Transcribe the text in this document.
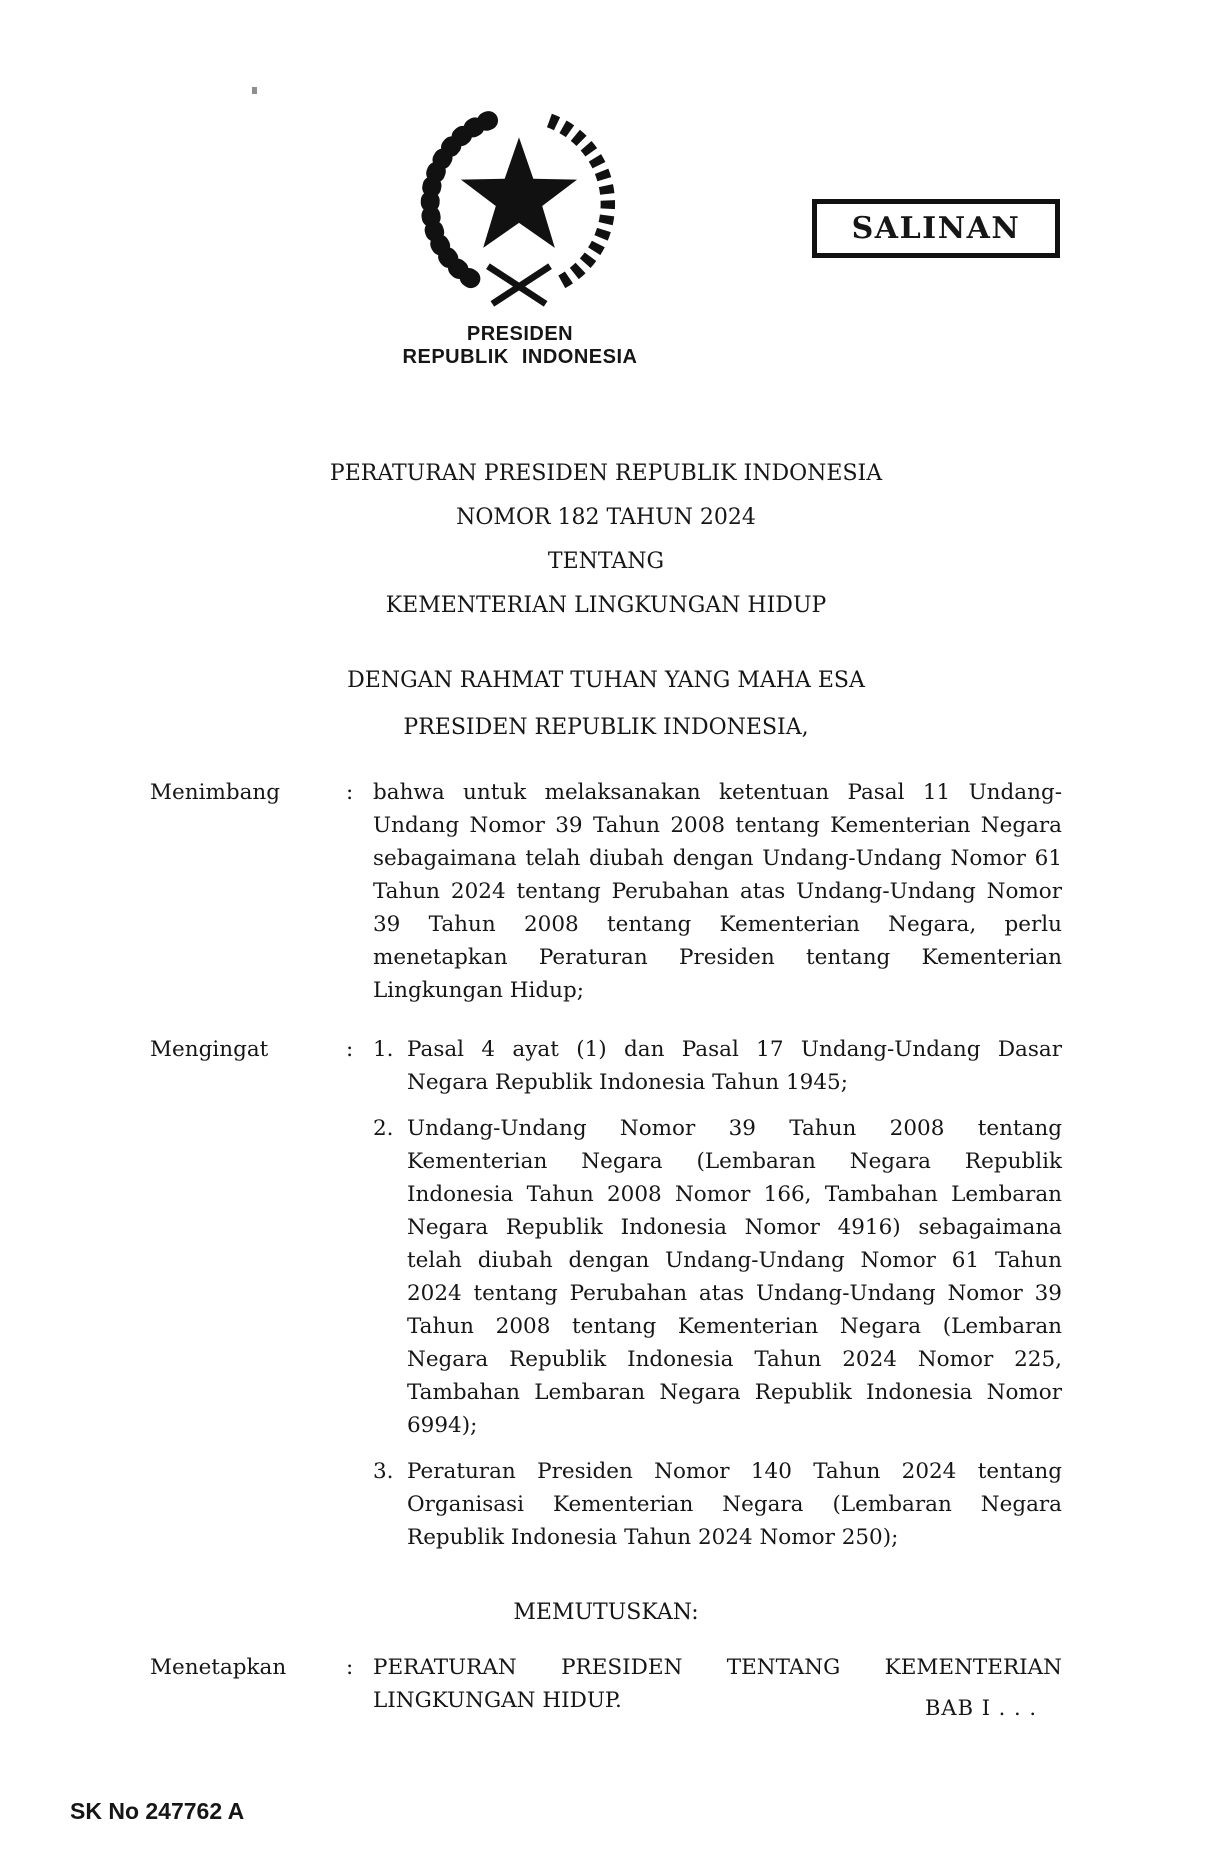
SALINAN
PRESIDEN
REPUBLIK INDONESIA
PERATURAN PRESIDEN REPUBLIK INDONESIA
NOMOR 182 TAHUN 2024
TENTANG
KEMENTERIAN LINGKUNGAN HIDUP
DENGAN RAHMAT TUHAN YANG MAHA ESA
PRESIDEN REPUBLIK INDONESIA,
Menimbang	: bahwa untuk melaksanakan ketentuan Pasal 11 Undang-Undang Nomor 39 Tahun 2008 tentang Kementerian Negara sebagaimana telah diubah dengan Undang-Undang Nomor 61 Tahun 2024 tentang Perubahan atas Undang-Undang Nomor 39 Tahun 2008 tentang Kementerian Negara, perlu menetapkan Peraturan Presiden tentang Kementerian Lingkungan Hidup;
Mengingat	: 1. Pasal 4 ayat (1) dan Pasal 17 Undang-Undang Dasar Negara Republik Indonesia Tahun 1945;
2. Undang-Undang Nomor 39 Tahun 2008 tentang Kementerian Negara (Lembaran Negara Republik Indonesia Tahun 2008 Nomor 166, Tambahan Lembaran Negara Republik Indonesia Nomor 4916) sebagaimana telah diubah dengan Undang-Undang Nomor 61 Tahun 2024 tentang Perubahan atas Undang-Undang Nomor 39 Tahun 2008 tentang Kementerian Negara (Lembaran Negara Republik Indonesia Tahun 2024 Nomor 225, Tambahan Lembaran Negara Republik Indonesia Nomor 6994);
3. Peraturan Presiden Nomor 140 Tahun 2024 tentang Organisasi Kementerian Negara (Lembaran Negara Republik Indonesia Tahun 2024 Nomor 250);
MEMUTUSKAN:
Menetapkan	: PERATURAN PRESIDEN TENTANG KEMENTERIAN LINGKUNGAN HIDUP.	BAB I . . .
SK No 247762 A
